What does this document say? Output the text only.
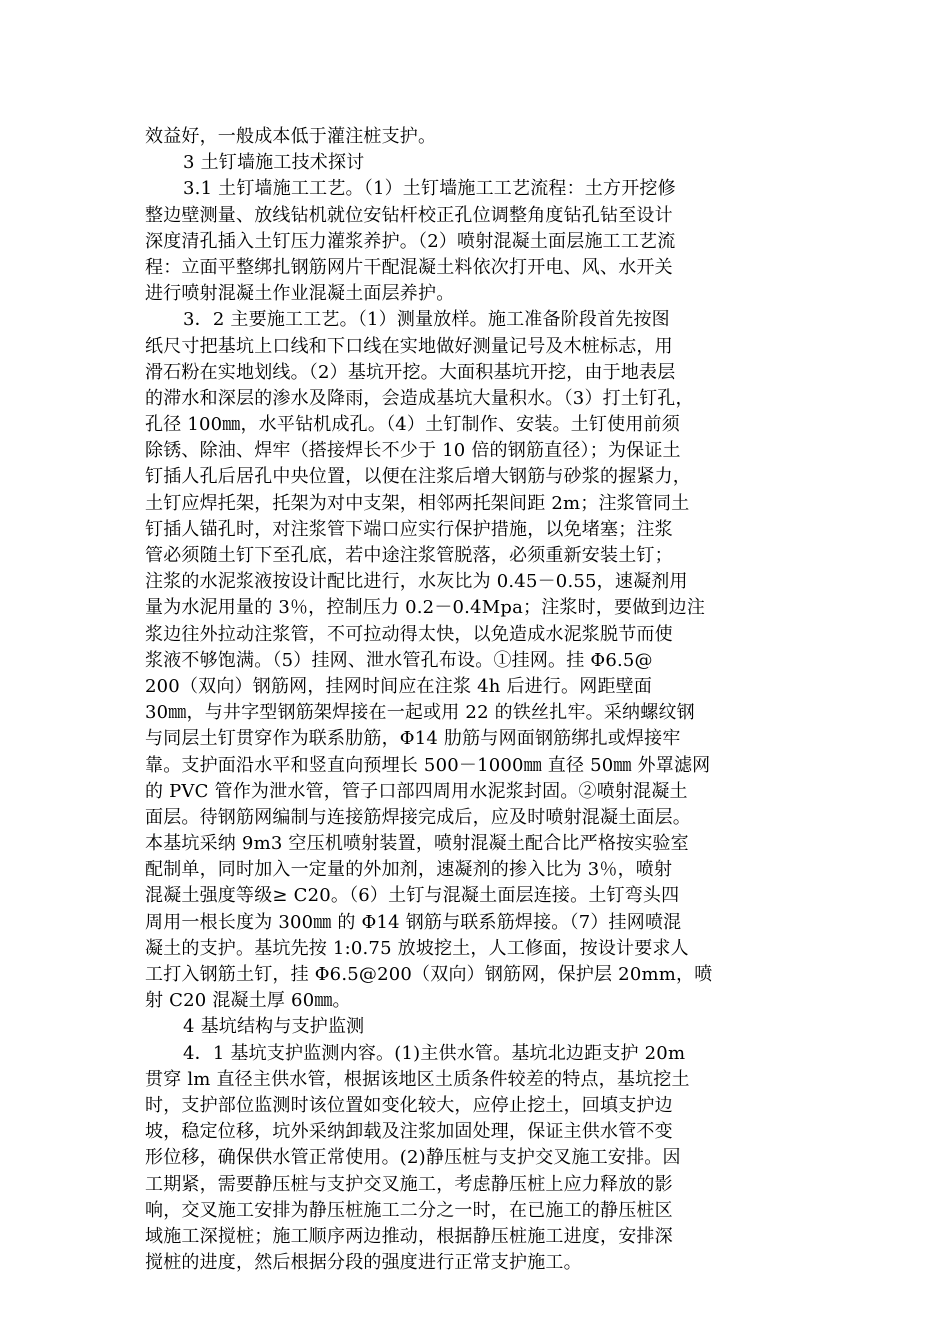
效益好，一般成本低于灌注桩支护。
3 土钉墙施工技术探讨
3.1 土钉墙施工工艺。（1）土钉墙施工工艺流程：土方开挖修
整边壁测量、放线钻机就位安钻杆校正孔位调整角度钻孔钻至设计
深度清孔插入土钉压力灌浆养护。（2）喷射混凝土面层施工工艺流
程：立面平整绑扎钢筋网片干配混凝土料依次打开电、风、水开关
进行喷射混凝土作业混凝土面层养护。
3．2 主要施工工艺。（1）测量放样。施工准备阶段首先按图
纸尺寸把基坑上口线和下口线在实地做好测量记号及木桩标志，用
滑石粉在实地划线。（2）基坑开挖。大面积基坑开挖，由于地表层
的滞水和深层的渗水及降雨，会造成基坑大量积水。（3）打土钉孔，
孔径 100㎜，水平钻机成孔。（4）土钉制作、安装。土钉使用前须
除锈、除油、焊牢（搭接焊长不少于 10 倍的钢筋直径）；为保证土
钉插人孔后居孔中央位置，以便在注浆后增大钢筋与砂浆的握紧力，
土钉应焊托架，托架为对中支架，相邻两托架间距 2m；注浆管同土
钉插人锚孔时，对注浆管下端口应实行保护措施，以免堵塞；注浆
管必须随土钉下至孔底，若中途注浆管脱落，必须重新安装土钉；
注浆的水泥浆液按设计配比进行，水灰比为 0.45－0.55，速凝剂用
量为水泥用量的 3％，控制压力 0.2－0.4Mpa；注浆时，要做到边注
浆边往外拉动注浆管，不可拉动得太快，以免造成水泥浆脱节而使
浆液不够饱满。（5）挂网、泄水管孔布设。①挂网。挂 Φ6.5@
200（双向）钢筋网，挂网时间应在注浆 4h 后进行。网距壁面
30㎜，与井字型钢筋架焊接在一起或用 22 的铁丝扎牢。采纳螺纹钢
与同层土钉贯穿作为联系肋筋，Φ14 肋筋与网面钢筋绑扎或焊接牢
靠。支护面沿水平和竖直向预埋长 500－1000㎜ 直径 50㎜ 外罩滤网
的 PVC 管作为泄水管，管子口部四周用水泥浆封固。②喷射混凝土
面层。待钢筋网编制与连接筋焊接完成后，应及时喷射混凝土面层。
本基坑采纳 9m3 空压机喷射装置，喷射混凝土配合比严格按实验室
配制单，同时加入一定量的外加剂，速凝剂的掺入比为 3％，喷射
混凝土强度等级≥ C20。（6）土钉与混凝土面层连接。土钉弯头四
周用一根长度为 300㎜ 的 Φ14 钢筋与联系筋焊接。（7）挂网喷混
凝土的支护。基坑先按 1:0.75 放坡挖土，人工修面，按设计要求人
工打入钢筋土钉，挂 Φ6.5@200（双向）钢筋网，保护层 20mm，喷
射 C20 混凝土厚 60㎜。
4 基坑结构与支护监测
4．1 基坑支护监测内容。(1)主供水管。基坑北边距支护 20m
贯穿 lm 直径主供水管，根据该地区土质条件较差的特点，基坑挖土
时，支护部位监测时该位置如变化较大，应停止挖土，回填支护边
坡，稳定位移，坑外采纳卸载及注浆加固处理，保证主供水管不变
形位移，确保供水管正常使用。(2)静压桩与支护交叉施工安排。因
工期紧，需要静压桩与支护交叉施工，考虑静压桩上应力释放的影
响，交叉施工安排为静压桩施工二分之一时，在已施工的静压桩区
域施工深搅桩；施工顺序两边推动，根据静压桩施工进度，安排深
搅桩的进度，然后根据分段的强度进行正常支护施工。
